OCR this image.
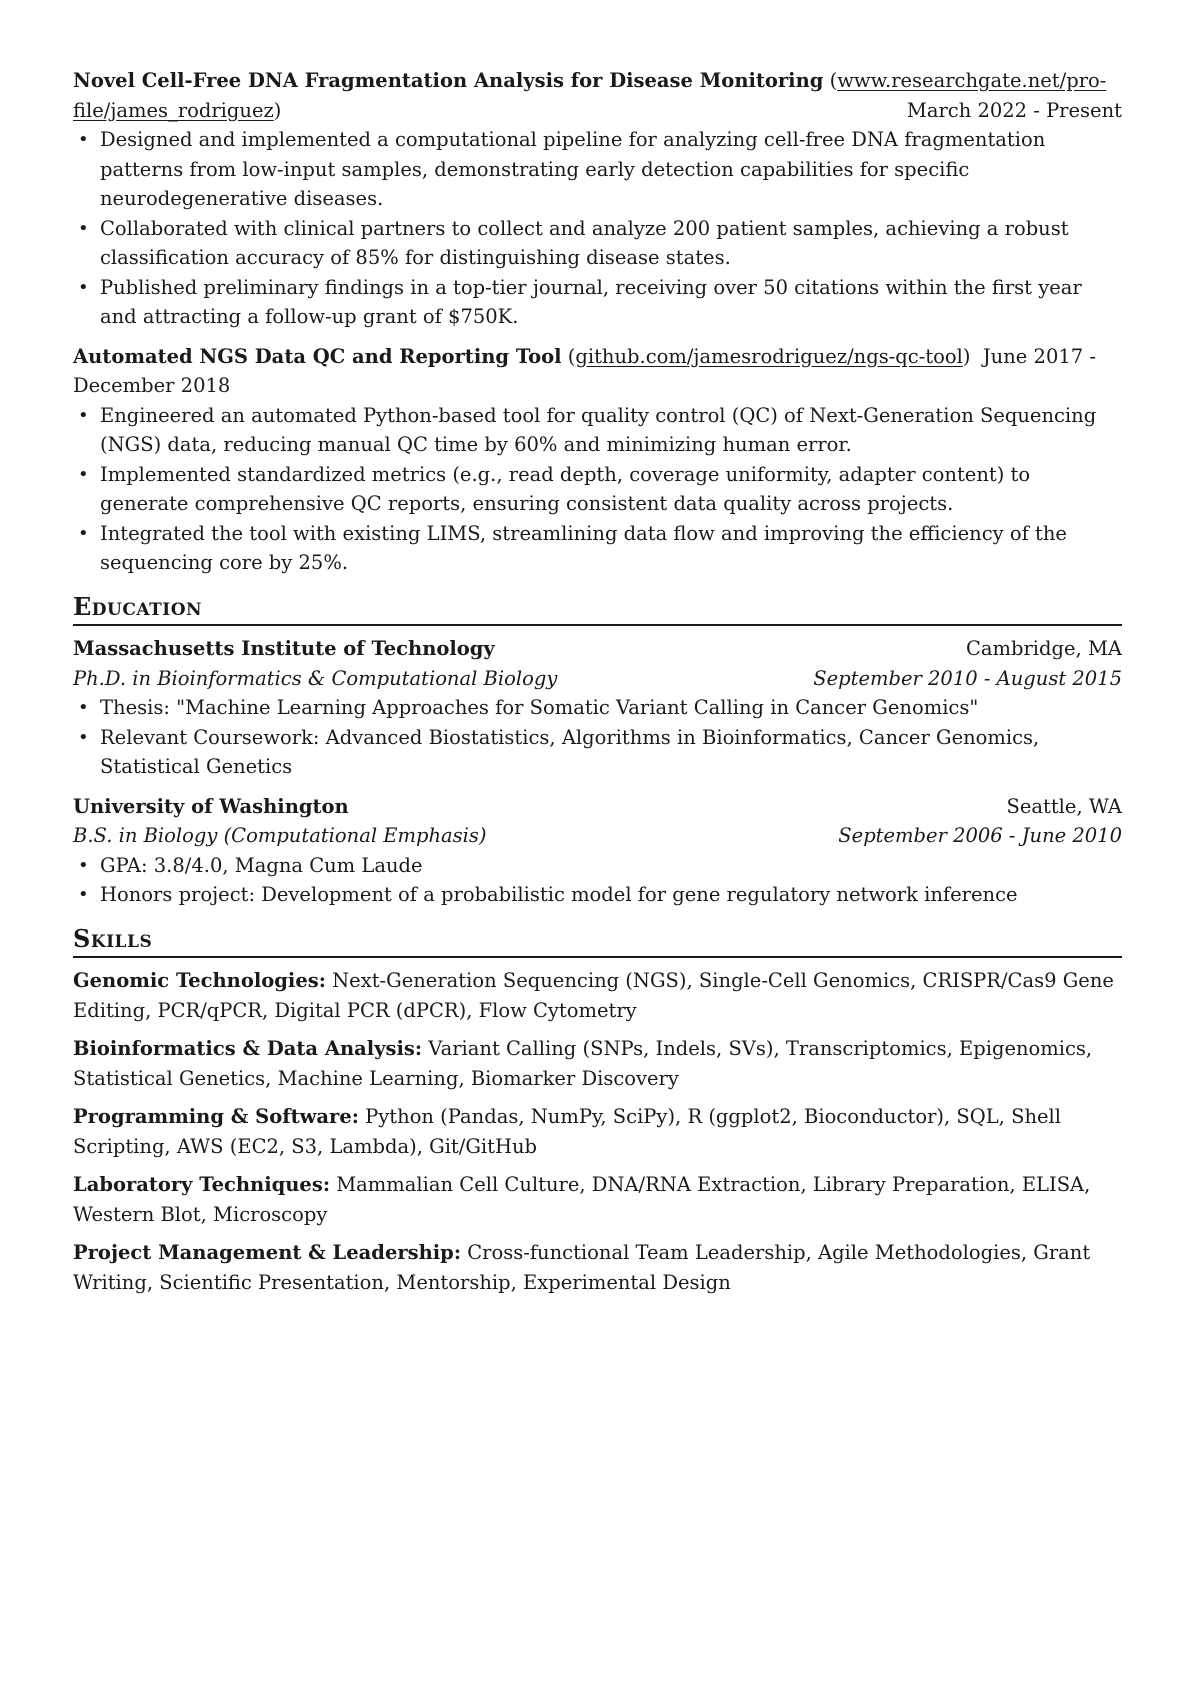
Novel Cell-Free DNA Fragmentation Analysis for Disease Monitoring (www.researchgate.net/pro-
file/james_rodriguez)	March 2022 - Present
• Designed and implemented a computational pipeline for analyzing cell-free DNA fragmentation patterns from low-input samples, demonstrating early detection capabilities for specific neurodegenerative diseases.
• Collaborated with clinical partners to collect and analyze 200 patient samples, achieving a robust classification accuracy of 85% for distinguishing disease states.
• Published preliminary findings in a top-tier journal, receiving over 50 citations within the first year and attracting a follow-up grant of $750K.
Automated NGS Data QC and Reporting Tool (github.com/jamesrodriguez/ngs-qc-tool)  June 2017 - December 2018
• Engineered an automated Python-based tool for quality control (QC) of Next-Generation Sequencing (NGS) data, reducing manual QC time by 60% and minimizing human error.
• Implemented standardized metrics (e.g., read depth, coverage uniformity, adapter content) to generate comprehensive QC reports, ensuring consistent data quality across projects.
• Integrated the tool with existing LIMS, streamlining data flow and improving the efficiency of the sequencing core by 25%.
Education
Massachusetts Institute of Technology	Cambridge, MA
Ph.D. in Bioinformatics & Computational Biology	September 2010 - August 2015
• Thesis: "Machine Learning Approaches for Somatic Variant Calling in Cancer Genomics"
• Relevant Coursework: Advanced Biostatistics, Algorithms in Bioinformatics, Cancer Genomics, Statistical Genetics
University of Washington	Seattle, WA
B.S. in Biology (Computational Emphasis)	September 2006 - June 2010
• GPA: 3.8/4.0, Magna Cum Laude
• Honors project: Development of a probabilistic model for gene regulatory network inference
Skills
Genomic Technologies: Next-Generation Sequencing (NGS), Single-Cell Genomics, CRISPR/Cas9 Gene Editing, PCR/qPCR, Digital PCR (dPCR), Flow Cytometry
Bioinformatics & Data Analysis: Variant Calling (SNPs, Indels, SVs), Transcriptomics, Epigenomics, Statistical Genetics, Machine Learning, Biomarker Discovery
Programming & Software: Python (Pandas, NumPy, SciPy), R (ggplot2, Bioconductor), SQL, Shell Scripting, AWS (EC2, S3, Lambda), Git/GitHub
Laboratory Techniques: Mammalian Cell Culture, DNA/RNA Extraction, Library Preparation, ELISA, Western Blot, Microscopy
Project Management & Leadership: Cross-functional Team Leadership, Agile Methodologies, Grant Writing, Scientific Presentation, Mentorship, Experimental Design
